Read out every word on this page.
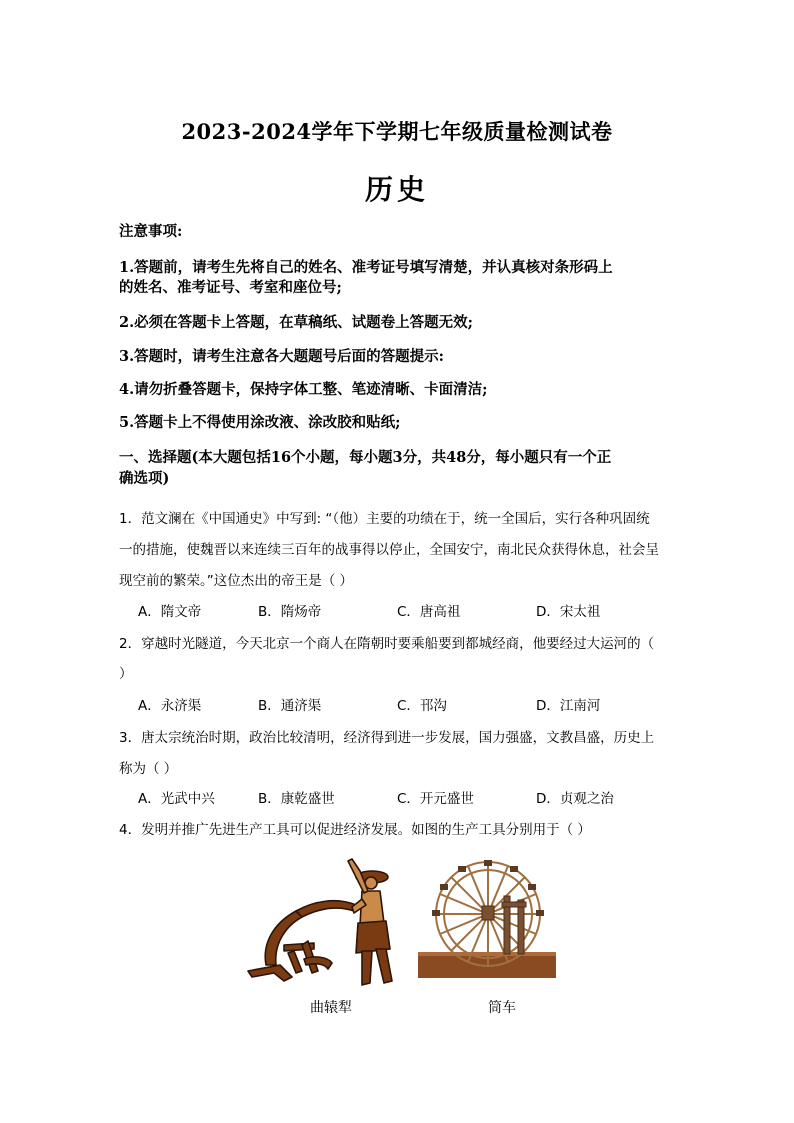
2023-2024学年下学期七年级质量检测试卷
历史
注意事项:
1.答题前，请考生先将自己的姓名、准考证号填写清楚，并认真核对条形码上
的姓名、准考证号、考室和座位号;
2.必须在答题卡上答题，在草稿纸、试题卷上答题无效;
3.答题时，请考生注意各大题题号后面的答题提示:
4.请勿折叠答题卡，保持字体工整、笔迹清晰、卡面清洁;
5.答题卡上不得使用涂改液、涂改胶和贴纸;
一、选择题(本大题包括16个小题，每小题3分，共48分，每小题只有一个正
确选项)
1．范文澜在《中国通史》中写到: “（他）主要的功绩在于，统一全国后，实行各种巩固统
一的措施，使魏晋以来连续三百年的战事得以停止，全国安宁，南北民众获得休息，社会呈
现空前的繁荣。”这位杰出的帝王是（ ）
A．隋文帝	B．隋炀帝	C．唐高祖	D．宋太祖
2．穿越时光隧道，今天北京一个商人在隋朝时要乘船要到都城经商，他要经过大运河的（
）
A．永济渠	B．通济渠	C．邗沟	D．江南河
3．唐太宗统治时期，政治比较清明，经济得到进一步发展，国力强盛，文教昌盛，历史上
称为（ ）
A．光武中兴	B．康乾盛世	C．开元盛世	D．贞观之治
4．发明并推广先进生产工具可以促进经济发展。如图的生产工具分别用于（ ）
曲辕犁	筒车
